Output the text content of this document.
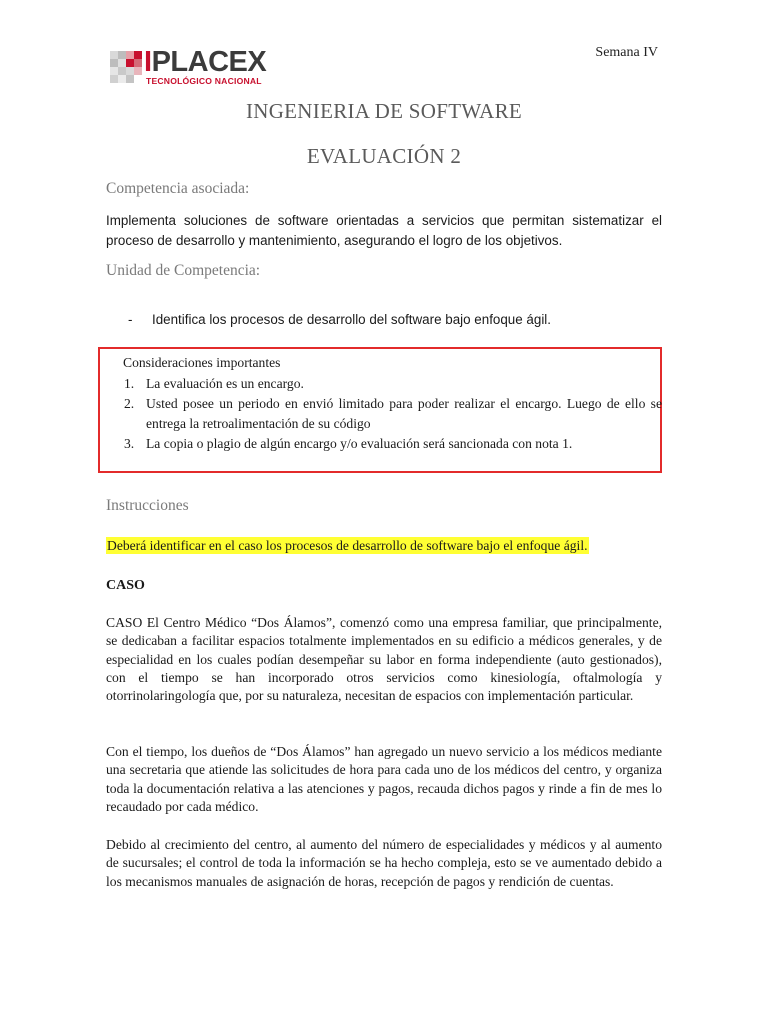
IPLACEX
TECNOLÓGICO NACIONAL
Semana IV
INGENIERIA DE SOFTWARE
EVALUACIÓN 2
Competencia asociada:
Implementa soluciones de software orientadas a servicios que permitan sistematizar el proceso de desarrollo y mantenimiento, asegurando el logro de los objetivos.
Unidad de Competencia:
- Identifica los procesos de desarrollo del software bajo enfoque ágil.
Consideraciones importantes
1. La evaluación es un encargo.
2. Usted posee un periodo en envió limitado para poder realizar el encargo. Luego de ello se entrega la retroalimentación de su código
3. La copia o plagio de algún encargo y/o evaluación será sancionada con nota 1.
Instrucciones
Deberá identificar en el caso los procesos de desarrollo de software bajo el enfoque ágil.
CASO
CASO El Centro Médico “Dos Álamos”, comenzó como una empresa familiar, que principalmente, se dedicaban a facilitar espacios totalmente implementados en su edificio a médicos generales, y de especialidad en los cuales podían desempeñar su labor en forma independiente (auto gestionados), con el tiempo se han incorporado otros servicios como kinesiología, oftalmología y otorrinolaringología que, por su naturaleza, necesitan de espacios con implementación particular.
Con el tiempo, los dueños de “Dos Álamos” han agregado un nuevo servicio a los médicos mediante una secretaria que atiende las solicitudes de hora para cada uno de los médicos del centro, y organiza toda la documentación relativa a las atenciones y pagos, recauda dichos pagos y rinde a fin de mes lo recaudado por cada médico.
Debido al crecimiento del centro, al aumento del número de especialidades y médicos y al aumento de sucursales; el control de toda la información se ha hecho compleja, esto se ve aumentado debido a los mecanismos manuales de asignación de horas, recepción de pagos y rendición de cuentas.
